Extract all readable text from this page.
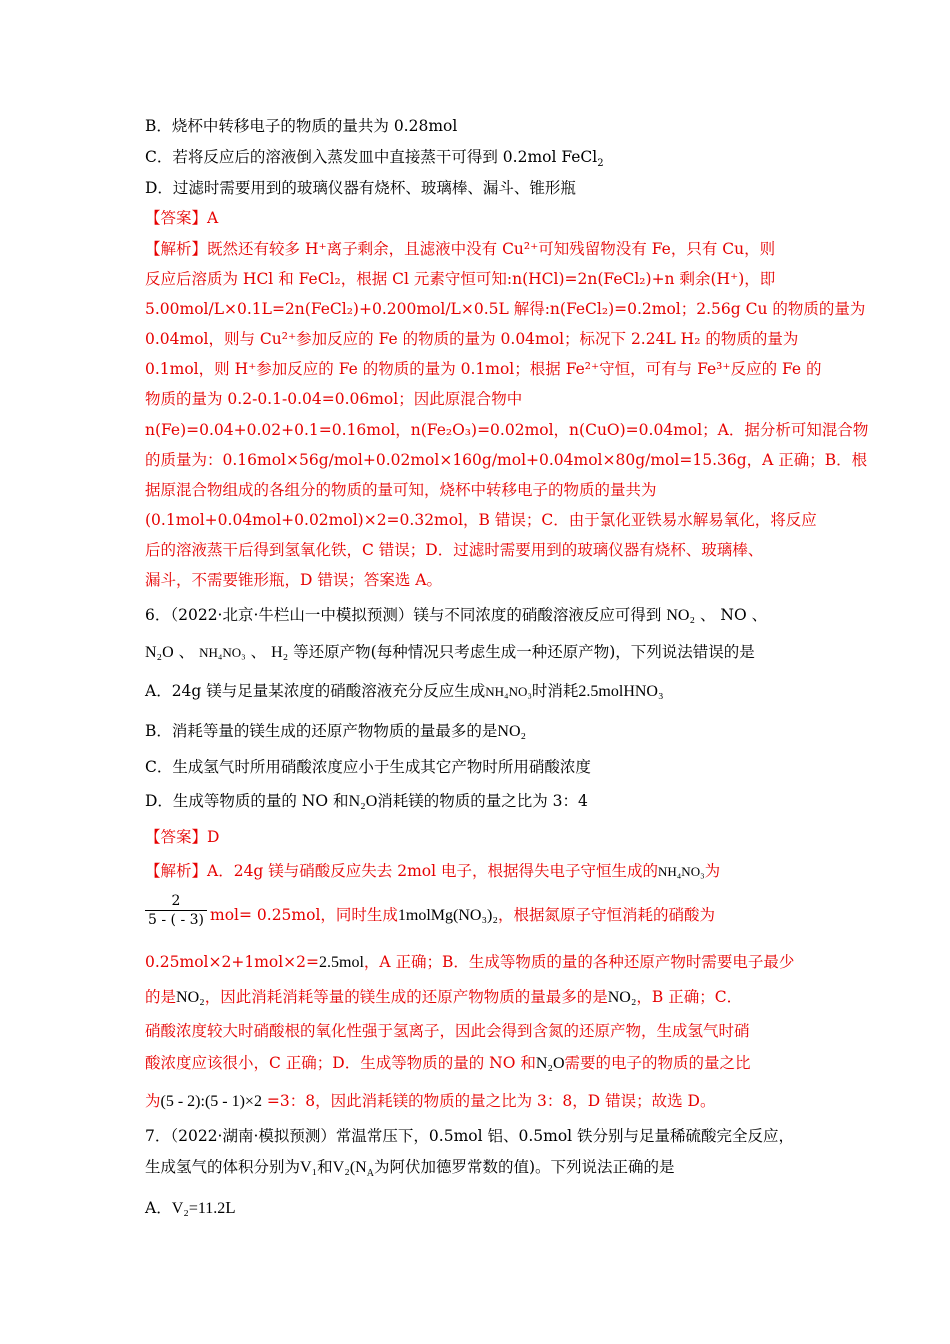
B．烧杯中转移电子的物质的量共为 0.28mol
C．若将反应后的溶液倒入蒸发皿中直接蒸干可得到 0.2mol FeCl$_2$
D．过滤时需要用到的玻璃仪器有烧杯、玻璃棒、漏斗、锥形瓶
【答案】A
【解析】既然还有较多 H⁺离子剩余，且滤液中没有 Cu²⁺可知残留物没有 Fe，只有 Cu，则
反应后溶质为 HCl 和 FeCl₂，根据 Cl 元素守恒可知:n(HCl)=2n(FeCl₂)+n 剩余(H⁺)，即
5.00mol/L×0.1L=2n(FeCl₂)+0.200mol/L×0.5L 解得:n(FeCl₂)=0.2mol；2.56g Cu 的物质的量为
0.04mol，则与 Cu²⁺参加反应的 Fe 的物质的量为 0.04mol；标况下 2.24L H₂ 的物质的量为
0.1mol，则 H⁺参加反应的 Fe 的物质的量为 0.1mol；根据 Fe²⁺守恒，可有与 Fe³⁺反应的 Fe 的
物质的量为 0.2-0.1-0.04=0.06mol；因此原混合物中
n(Fe)=0.04+0.02+0.1=0.16mol，n(Fe₂O₃)=0.02mol，n(CuO)=0.04mol；A．据分析可知混合物
的质量为：0.16mol×56g/mol+0.02mol×160g/mol+0.04mol×80g/mol=15.36g，A 正确；B．根
据原混合物组成的各组分的物质的量可知，烧杯中转移电子的物质的量共为
(0.1mol+0.04mol+0.02mol)×2=0.32mol，B 错误；C．由于氯化亚铁易水解易氧化，将反应
后的溶液蒸干后得到氢氧化铁，C 错误；D．过滤时需要用到的玻璃仪器有烧杯、玻璃棒、
漏斗，不需要锥形瓶，D 错误；答案选 A。
6．（2022·北京·牛栏山一中模拟预测）镁与不同浓度的硝酸溶液反应可得到 NO₂ 、 NO 、
N₂O 、 NH₄NO₃ 、 H₂ 等还原产物(每种情况只考虑生成一种还原产物)，下列说法错误的是
A．24g 镁与足量某浓度的硝酸溶液充分反应生成NH₄NO₃时消耗2.5molHNO₃
B．消耗等量的镁生成的还原产物物质的量最多的是NO₂
C．生成氢气时所用硝酸浓度应小于生成其它产物时所用硝酸浓度
D．生成等物质的量的 NO 和N₂O消耗镁的物质的量之比为 3：4
【答案】D
【解析】A．24g 镁与硝酸反应失去 2mol 电子，根据得失电子守恒生成的NH₄NO₃为
2
5 - ( - 3) mol= 0.25mol，同时生成1molMg(NO₃)₂，根据氮原子守恒消耗的硝酸为
0.25mol×2+1mol×2=2.5mol，A 正确；B．生成等物质的量的各种还原产物时需要电子最少
的是NO₂，因此消耗消耗等量的镁生成的还原产物物质的量最多的是NO₂，B 正确；C．
硝酸浓度较大时硝酸根的氧化性强于氢离子，因此会得到含氮的还原产物，生成氢气时硝
酸浓度应该很小，C 正确；D．生成等物质的量的 NO 和N₂O需要的电子的物质的量之比
为(5 - 2):(5 - 1)×2 =3：8，因此消耗镁的物质的量之比为 3：8，D 错误；故选 D。
7．（2022·湖南·模拟预测）常温常压下，0.5mol 铝、0.5mol 铁分别与足量稀硫酸完全反应，
生成氢气的体积分别为V₁和$V_2(N_A$为阿伏加德罗常数的值)。下列说法正确的是
A．V₂=11.2L
